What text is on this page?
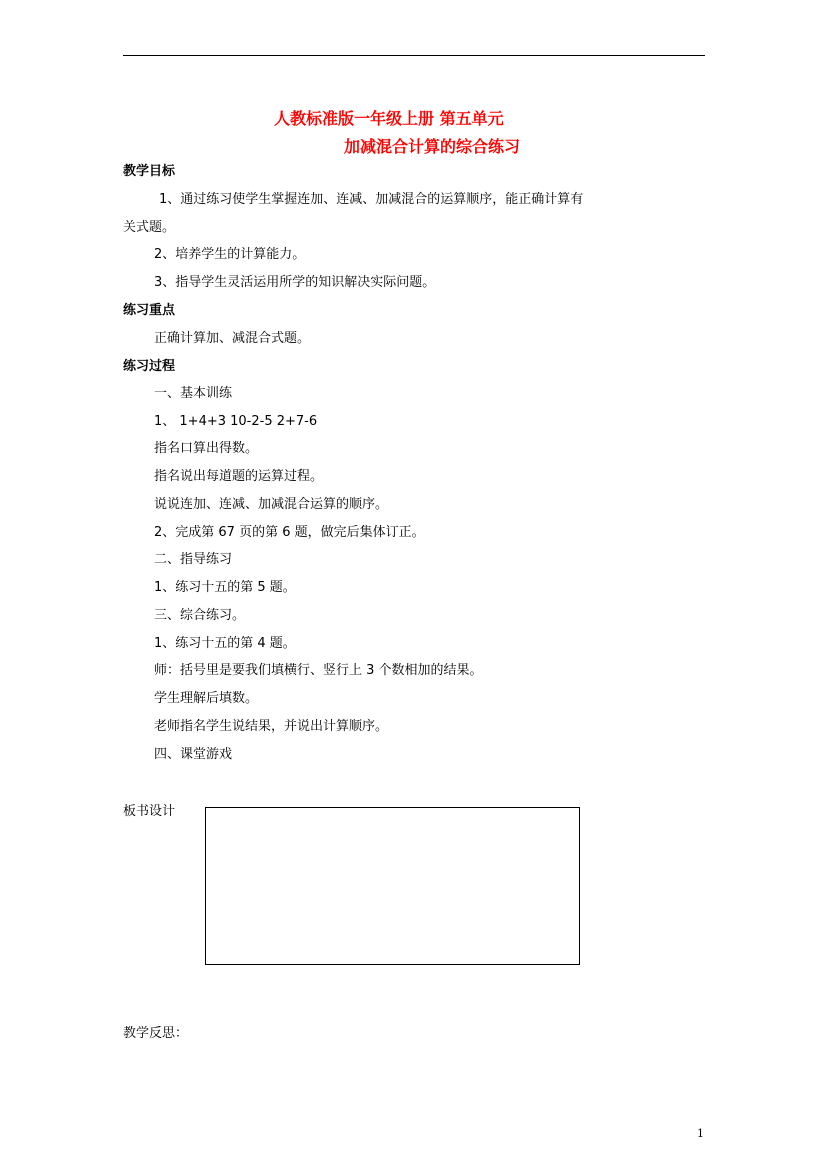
人教标准版一年级上册 第五单元
加减混合计算的综合练习
教学目标
1、通过练习使学生掌握连加、连减、加减混合的运算顺序，能正确计算有
关式题。
2、培养学生的计算能力。
3、指导学生灵活运用所学的知识解决实际问题。
练习重点
正确计算加、减混合式题。
练习过程
一、基本训练
1、 1+4+3 10-2-5 2+7-6
指名口算出得数。
指名说出每道题的运算过程。
说说连加、连减、加减混合运算的顺序。
2、完成第 67 页的第 6 题，做完后集体订正。
二、指导练习
1、练习十五的第 5 题。
三、综合练习。
1、练习十五的第 4 题。
师：括号里是要我们填横行、竖行上 3 个数相加的结果。
学生理解后填数。
老师指名学生说结果，并说出计算顺序。
四、课堂游戏
板书设计
教学反思：
1
